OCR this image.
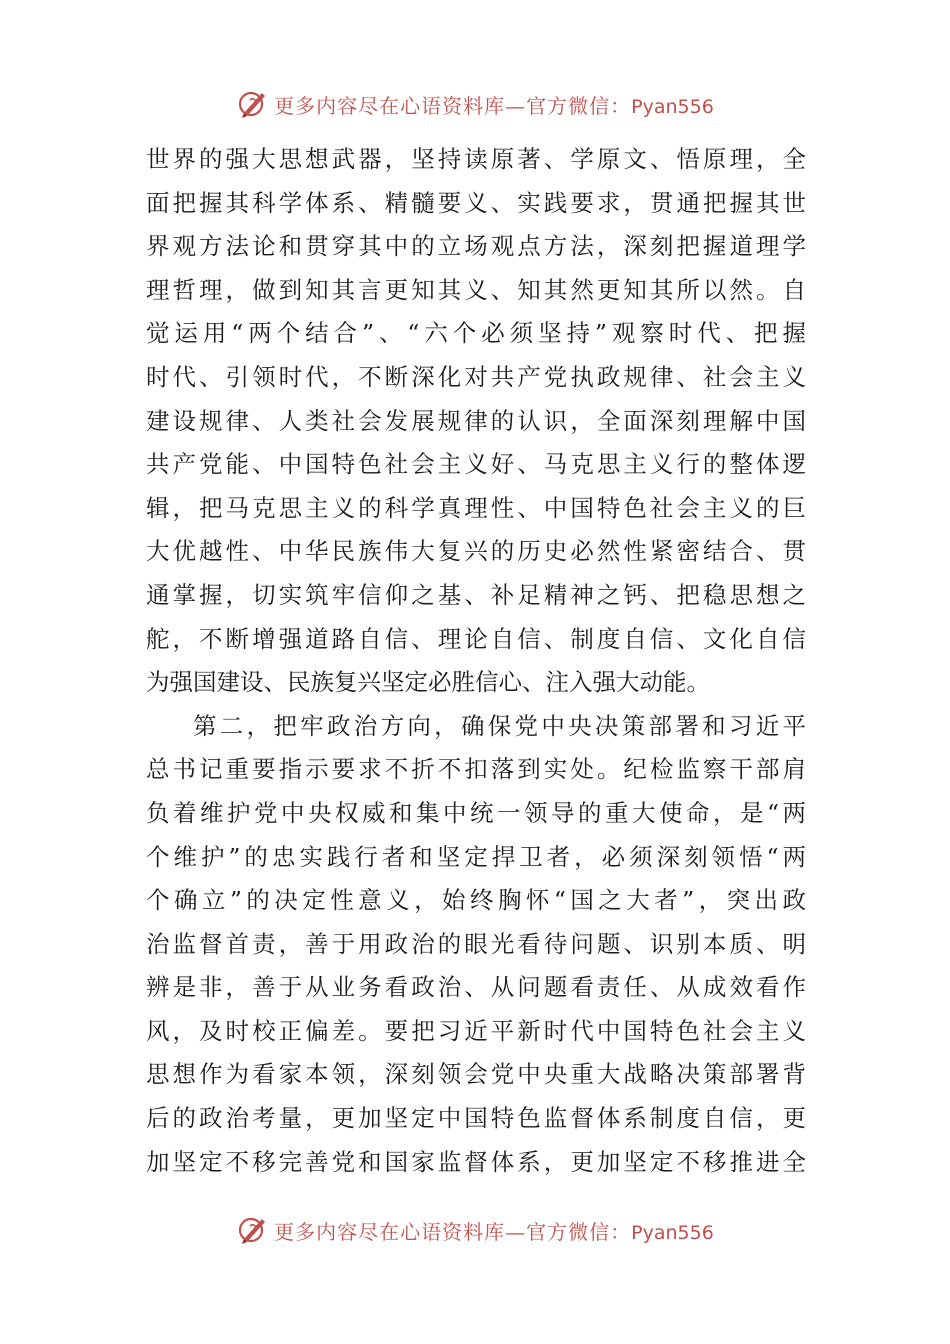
更多内容尽在心语资料库—官方微信：Pyan556
世界的强大思想武器，坚持读原著、学原文、悟原理，全
面把握其科学体系、精髓要义、实践要求，贯通把握其世
界观方法论和贯穿其中的立场观点方法，深刻把握道理学
理哲理，做到知其言更知其义、知其然更知其所以然。自
觉运用“两个结合”、“六个必须坚持”观察时代、把握
时代、引领时代，不断深化对共产党执政规律、社会主义
建设规律、人类社会发展规律的认识，全面深刻理解中国
共产党能、中国特色社会主义好、马克思主义行的整体逻
辑，把马克思主义的科学真理性、中国特色社会主义的巨
大优越性、中华民族伟大复兴的历史必然性紧密结合、贯
通掌握，切实筑牢信仰之基、补足精神之钙、把稳思想之
舵，不断增强道路自信、理论自信、制度自信、文化自信
为强国建设、民族复兴坚定必胜信心、注入强大动能。
第二，把牢政治方向，确保党中央决策部署和习近平
总书记重要指示要求不折不扣落到实处。纪检监察干部肩
负着维护党中央权威和集中统一领导的重大使命，是“两
个维护”的忠实践行者和坚定捍卫者，必须深刻领悟“两
个确立”的决定性意义，始终胸怀“国之大者”，突出政
治监督首责，善于用政治的眼光看待问题、识别本质、明
辨是非，善于从业务看政治、从问题看责任、从成效看作
风，及时校正偏差。要把习近平新时代中国特色社会主义
思想作为看家本领，深刻领会党中央重大战略决策部署背
后的政治考量，更加坚定中国特色监督体系制度自信，更
加坚定不移完善党和国家监督体系，更加坚定不移推进全
更多内容尽在心语资料库—官方微信：Pyan556
